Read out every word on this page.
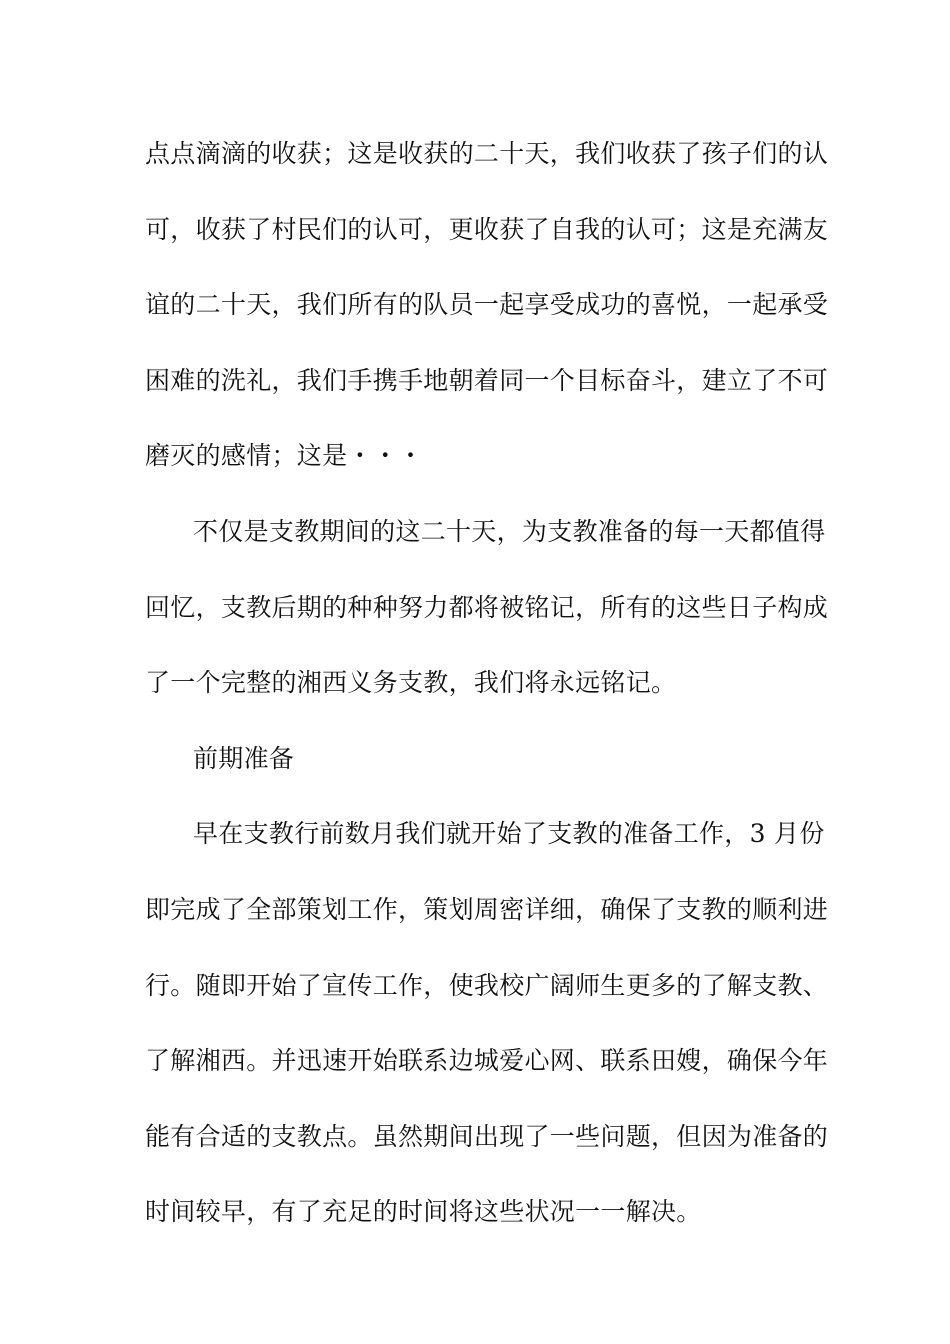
点点滴滴的收获；这是收获的二十天，我们收获了孩子们的认
可，收获了村民们的认可，更收获了自我的认可；这是充满友
谊的二十天，我们所有的队员一起享受成功的喜悦，一起承受
困难的洗礼，我们手携手地朝着同一个目标奋斗，建立了不可
磨灭的感情；这是・・・
不仅是支教期间的这二十天，为支教准备的每一天都值得
回忆，支教后期的种种努力都将被铭记，所有的这些日子构成
了一个完整的湘西义务支教，我们将永远铭记。
前期准备
早在支教行前数月我们就开始了支教的准备工作，3 月份
即完成了全部策划工作，策划周密详细，确保了支教的顺利进
行。随即开始了宣传工作，使我校广阔师生更多的了解支教、
了解湘西。并迅速开始联系边城爱心网、联系田嫂，确保今年
能有合适的支教点。虽然期间出现了一些问题，但因为准备的
时间较早，有了充足的时间将这些状况一一解决。
